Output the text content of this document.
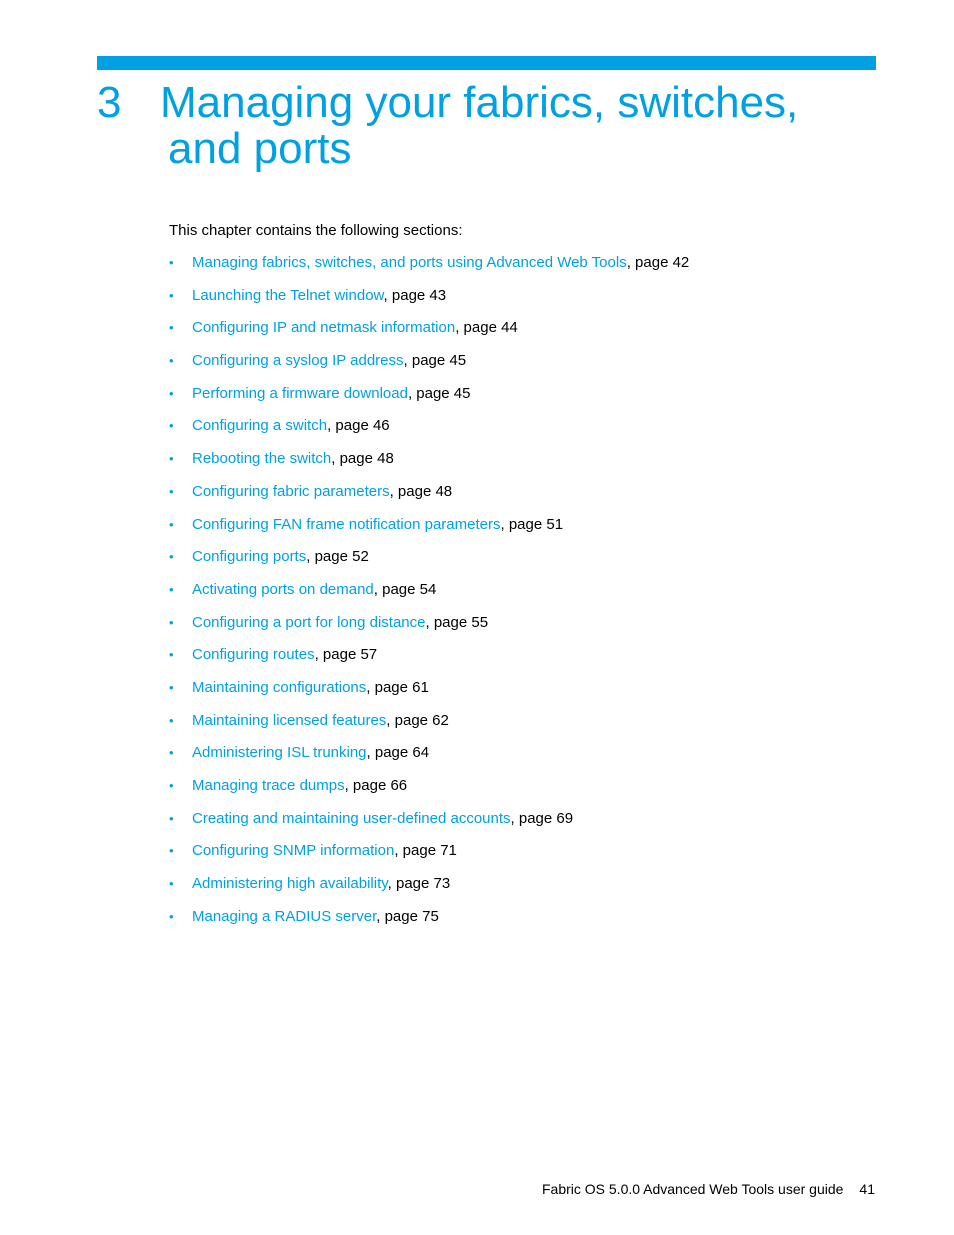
3 Managing your fabrics, switches, and ports

This chapter contains the following sections:

• Managing fabrics, switches, and ports using Advanced Web Tools, page 42
• Launching the Telnet window, page 43
• Configuring IP and netmask information, page 44
• Configuring a syslog IP address, page 45
• Performing a firmware download, page 45
• Configuring a switch, page 46
• Rebooting the switch, page 48
• Configuring fabric parameters, page 48
• Configuring FAN frame notification parameters, page 51
• Configuring ports, page 52
• Activating ports on demand, page 54
• Configuring a port for long distance, page 55
• Configuring routes, page 57
• Maintaining configurations, page 61
• Maintaining licensed features, page 62
• Administering ISL trunking, page 64
• Managing trace dumps, page 66
• Creating and maintaining user-defined accounts, page 69
• Configuring SNMP information, page 71
• Administering high availability, page 73
• Managing a RADIUS server, page 75
Fabric OS 5.0.0 Advanced Web Tools user guide 41
